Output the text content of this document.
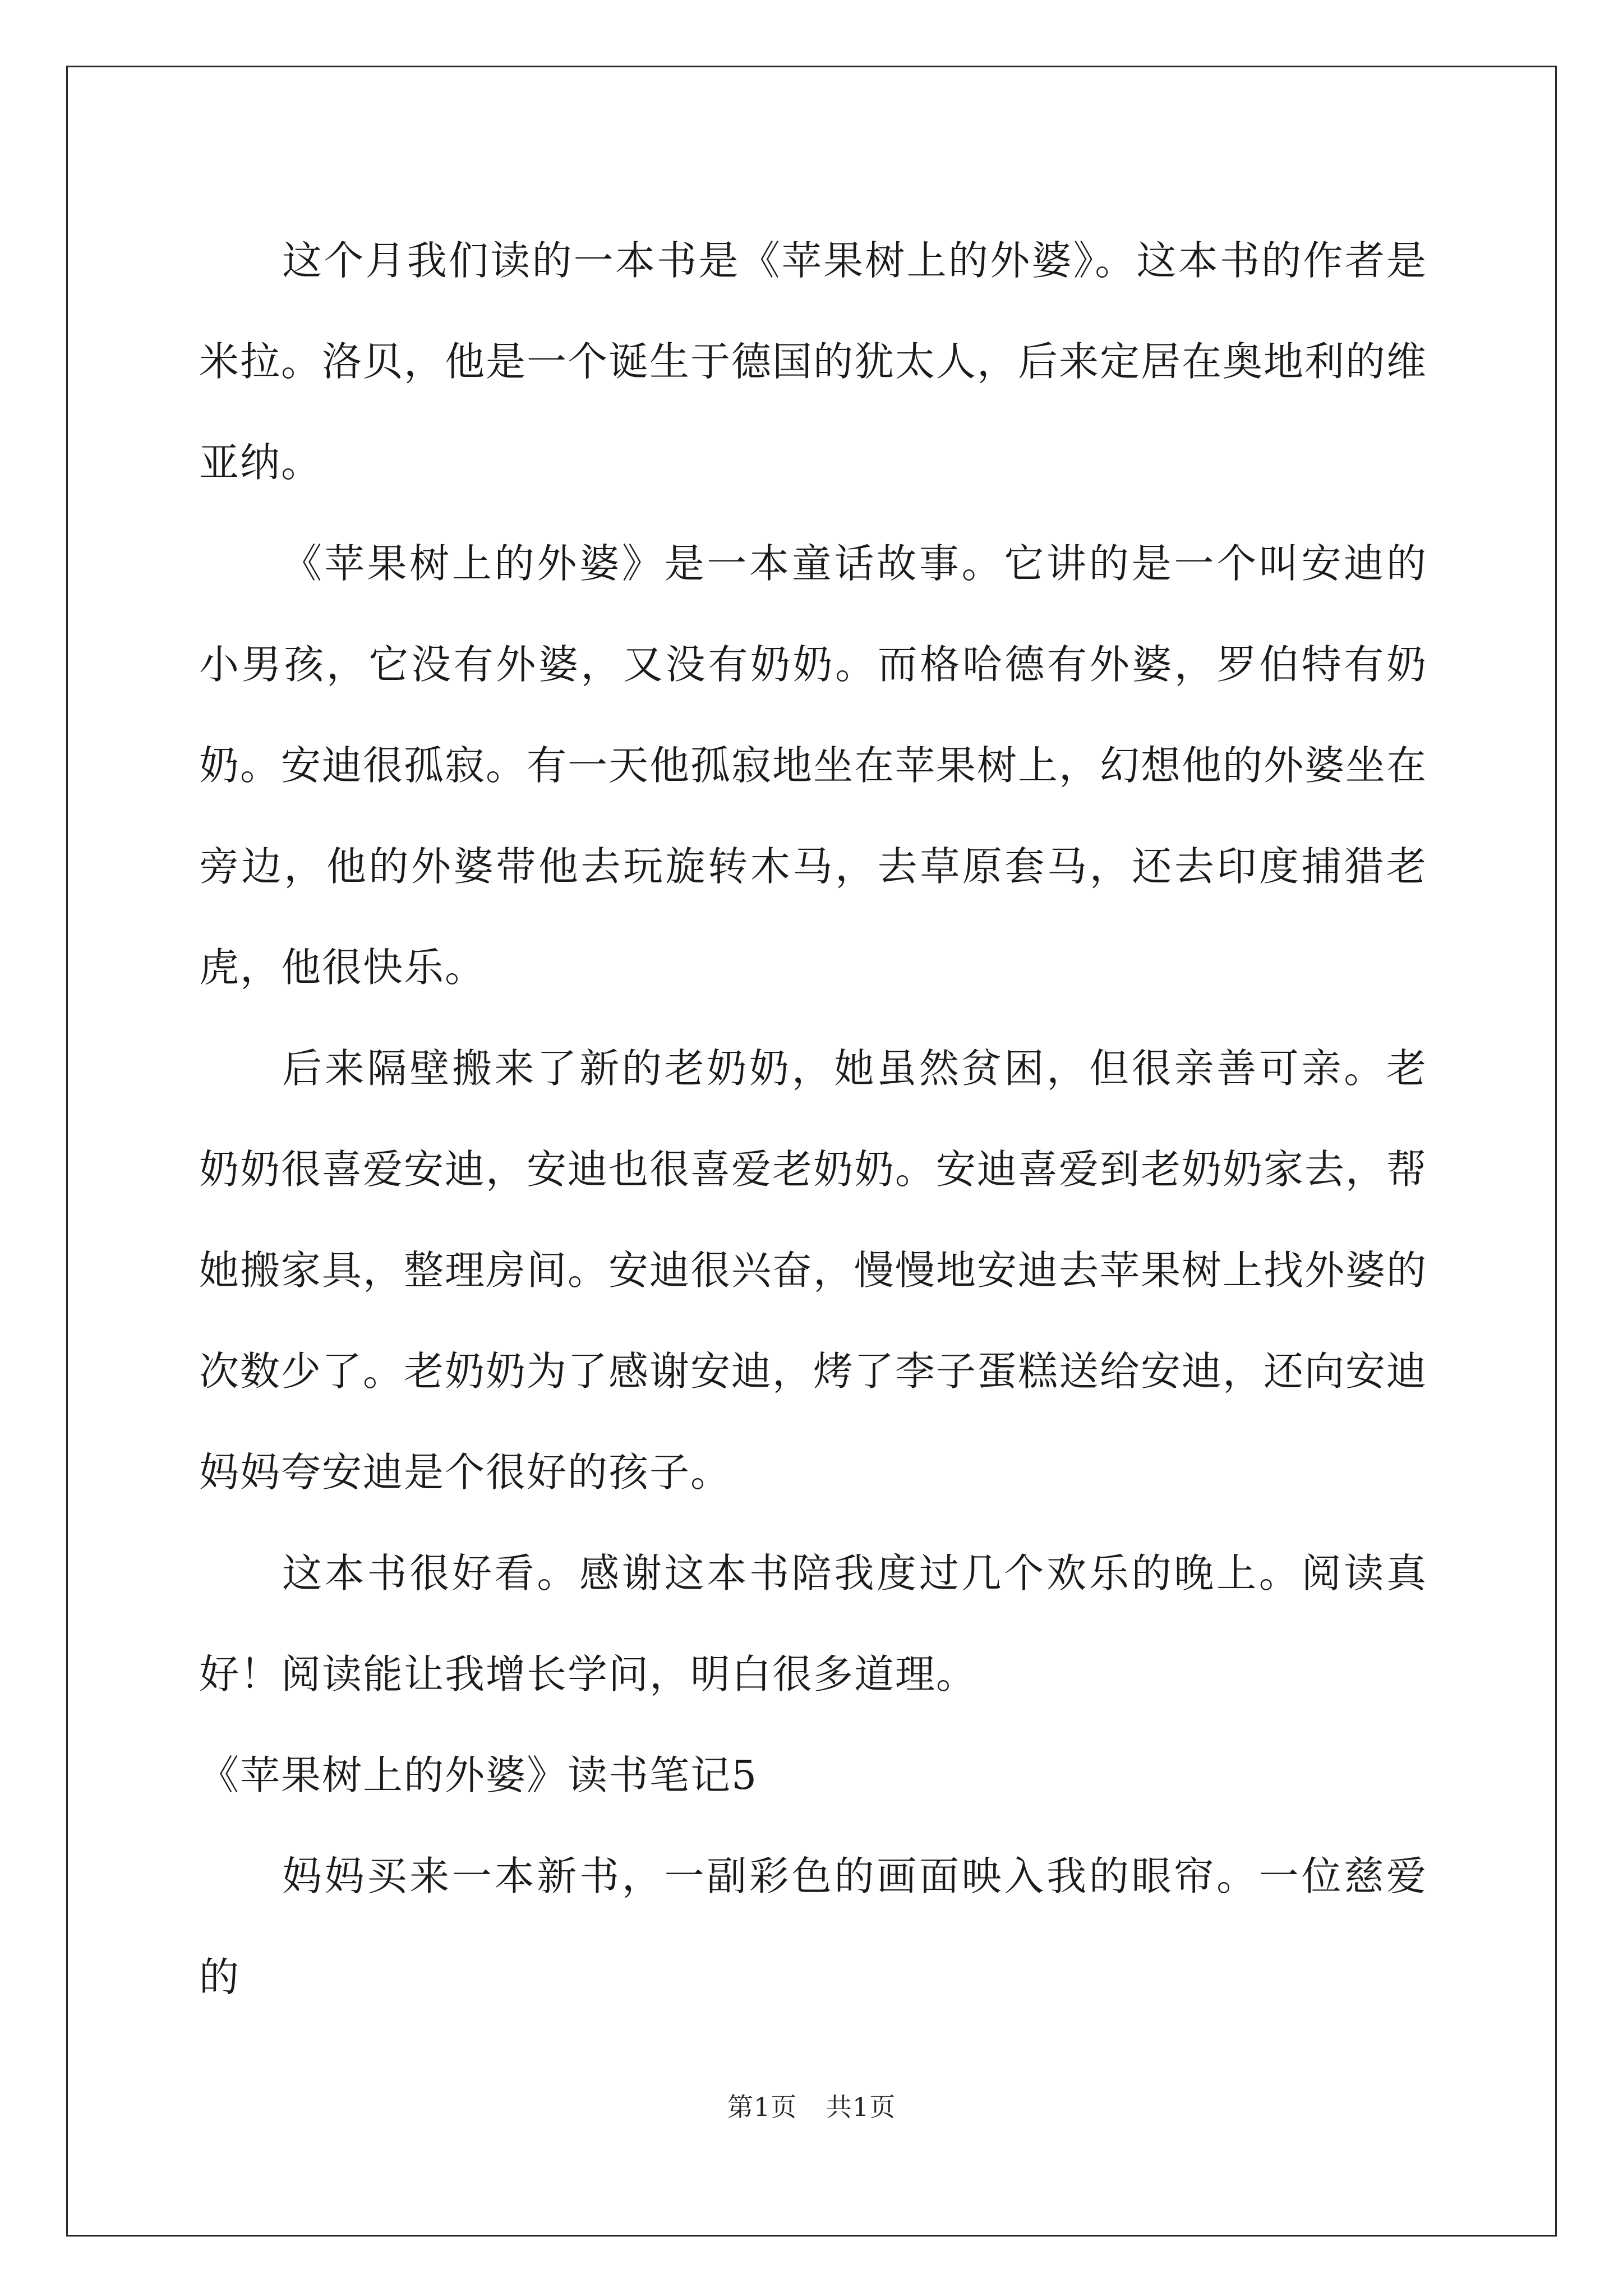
这个月我们读的一本书是《苹果树上的外婆》。这本书的作者是米拉。洛贝，他是一个诞生于德国的犹太人，后来定居在奥地利的维亚纳。

《苹果树上的外婆》是一本童话故事。它讲的是一个叫安迪的小男孩，它没有外婆，又没有奶奶。而格哈德有外婆，罗伯特有奶奶。安迪很孤寂。有一天他孤寂地坐在苹果树上，幻想他的外婆坐在旁边，他的外婆带他去玩旋转木马，去草原套马，还去印度捕猎老虎，他很快乐。

后来隔壁搬来了新的老奶奶，她虽然贫困，但很亲善可亲。老奶奶很喜爱安迪，安迪也很喜爱老奶奶。安迪喜爱到老奶奶家去，帮她搬家具，整理房间。安迪很兴奋，慢慢地安迪去苹果树上找外婆的次数少了。老奶奶为了感谢安迪，烤了李子蛋糕送给安迪，还向安迪妈妈夸安迪是个很好的孩子。

这本书很好看。感谢这本书陪我度过几个欢乐的晚上。阅读真好！阅读能让我增长学问，明白很多道理。

《苹果树上的外婆》读书笔记5

妈妈买来一本新书，一副彩色的画面映入我的眼帘。一位慈爱的

第1页 共1页
